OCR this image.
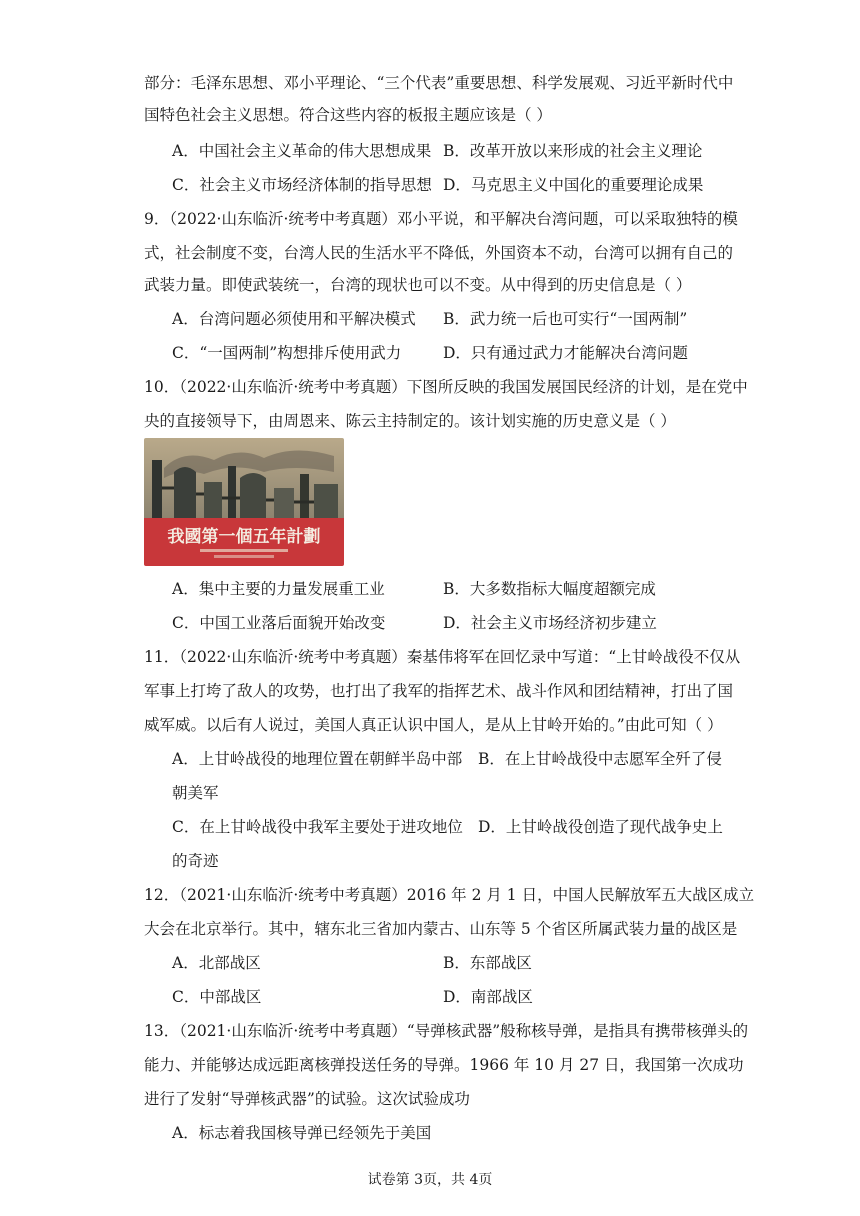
部分：毛泽东思想、邓小平理论、“三个代表”重要思想、科学发展观、习近平新时代中
国特色社会主义思想。符合这些内容的板报主题应该是（ ）
A．中国社会主义革命的伟大思想成果 B．改革开放以来形成的社会主义理论
C．社会主义市场经济体制的指导思想 D．马克思主义中国化的重要理论成果
9．（2022·山东临沂·统考中考真题）邓小平说，和平解决台湾问题，可以采取独特的模
式，社会制度不变，台湾人民的生活水平不降低，外国资本不动，台湾可以拥有自己的
武装力量。即使武装统一，台湾的现状也可以不变。从中得到的历史信息是（ ）
A．台湾问题必须使用和平解决模式 B．武力统一后也可实行“一国两制”
C．“一国两制”构想排斥使用武力	D．只有通过武力才能解决台湾问题
10．（2022·山东临沂·统考中考真题）下图所反映的我国发展国民经济的计划，是在党中
央的直接领导下，由周恩来、陈云主持制定的。该计划实施的历史意义是（ ）
我國第一個五年計劃
A．集中主要的力量发展重工业	B．大多数指标大幅度超额完成
C．中国工业落后面貌开始改变	D．社会主义市场经济初步建立
11．（2022·山东临沂·统考中考真题）秦基伟将军在回忆录中写道：“上甘岭战役不仅从
军事上打垮了敌人的攻势，也打出了我军的指挥艺术、战斗作风和团结精神，打出了国
威军威。以后有人说过，美国人真正认识中国人，是从上甘岭开始的。”由此可知（ ）
A．上甘岭战役的地理位置在朝鲜半岛中部 B．在上甘岭战役中志愿军全歼了侵
朝美军
C．在上甘岭战役中我军主要处于进攻地位 D．上甘岭战役创造了现代战争史上
的奇迹
12．（2021·山东临沂·统考中考真题）2016 年 2 月 1 日，中国人民解放军五大战区成立
大会在北京举行。其中，辖东北三省加内蒙古、山东等 5 个省区所属武装力量的战区是
A．北部战区	B．东部战区
C．中部战区	D．南部战区
13．（2021·山东临沂·统考中考真题）“导弹核武器”般称核导弹，是指具有携带核弹头的
能力、并能够达成远距离核弹投送任务的导弹。1966 年 10 月 27 日，我国第一次成功
进行了发射“导弹核武器”的试验。这次试验成功
A．标志着我国核导弹已经领先于美国
试卷第 3页，共 4页
